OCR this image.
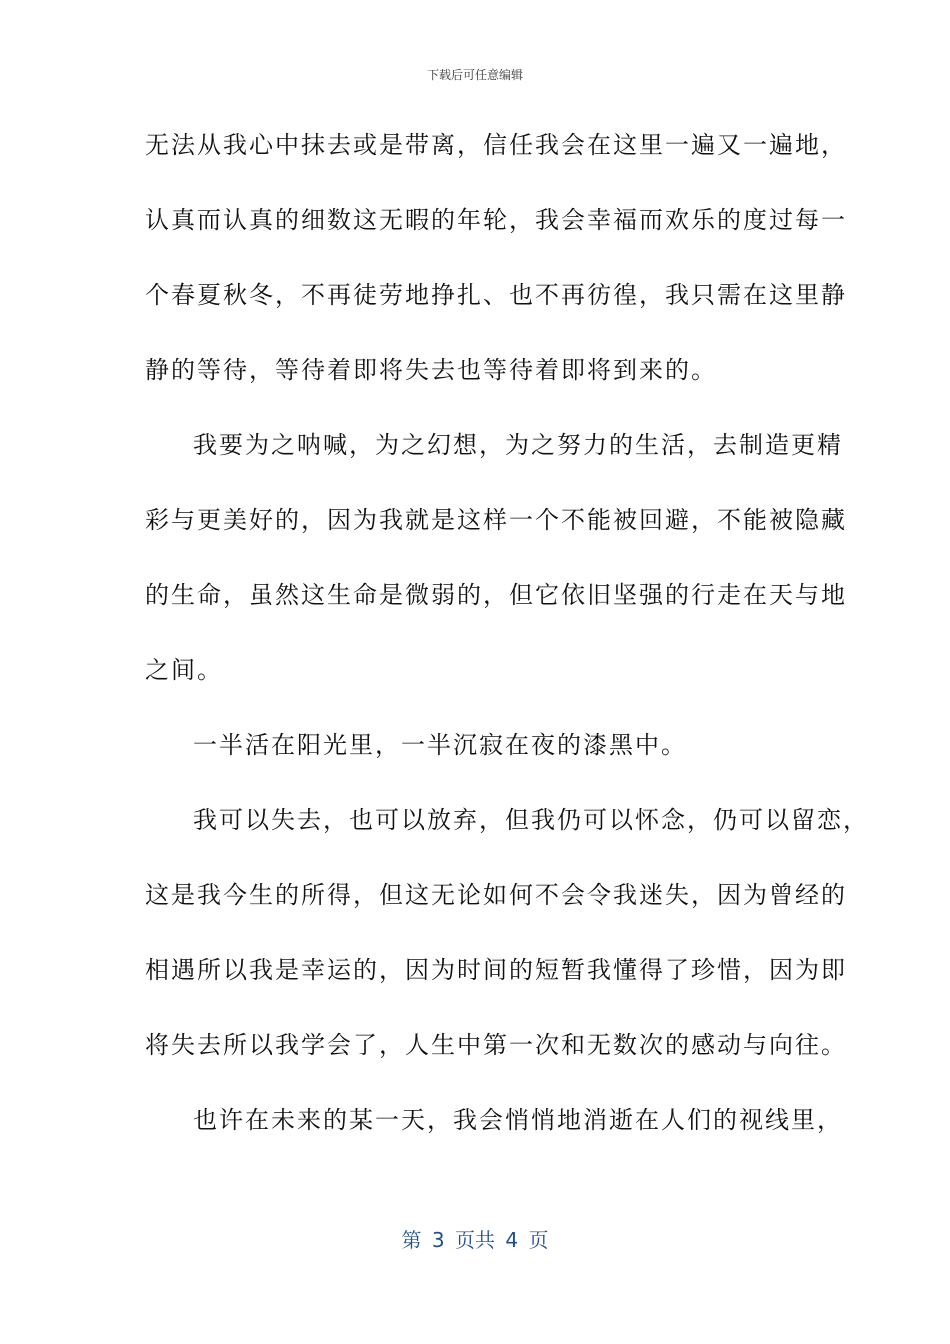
下载后可任意编辑
无法从我心中抹去或是带离，信任我会在这里一遍又一遍地，
认真而认真的细数这无暇的年轮，我会幸福而欢乐的度过每一
个春夏秋冬，不再徒劳地挣扎、也不再彷徨，我只需在这里静
静的等待，等待着即将失去也等待着即将到来的。
我要为之呐喊，为之幻想，为之努力的生活，去制造更精
彩与更美好的，因为我就是这样一个不能被回避，不能被隐藏
的生命，虽然这生命是微弱的，但它依旧坚强的行走在天与地
之间。
一半活在阳光里，一半沉寂在夜的漆黑中。
我可以失去，也可以放弃，但我仍可以怀念，仍可以留恋，
这是我今生的所得，但这无论如何不会令我迷失，因为曾经的
相遇所以我是幸运的，因为时间的短暂我懂得了珍惜，因为即
将失去所以我学会了，人生中第一次和无数次的感动与向往。
也许在未来的某一天，我会悄悄地消逝在人们的视线里，
第 3 页共 4 页
